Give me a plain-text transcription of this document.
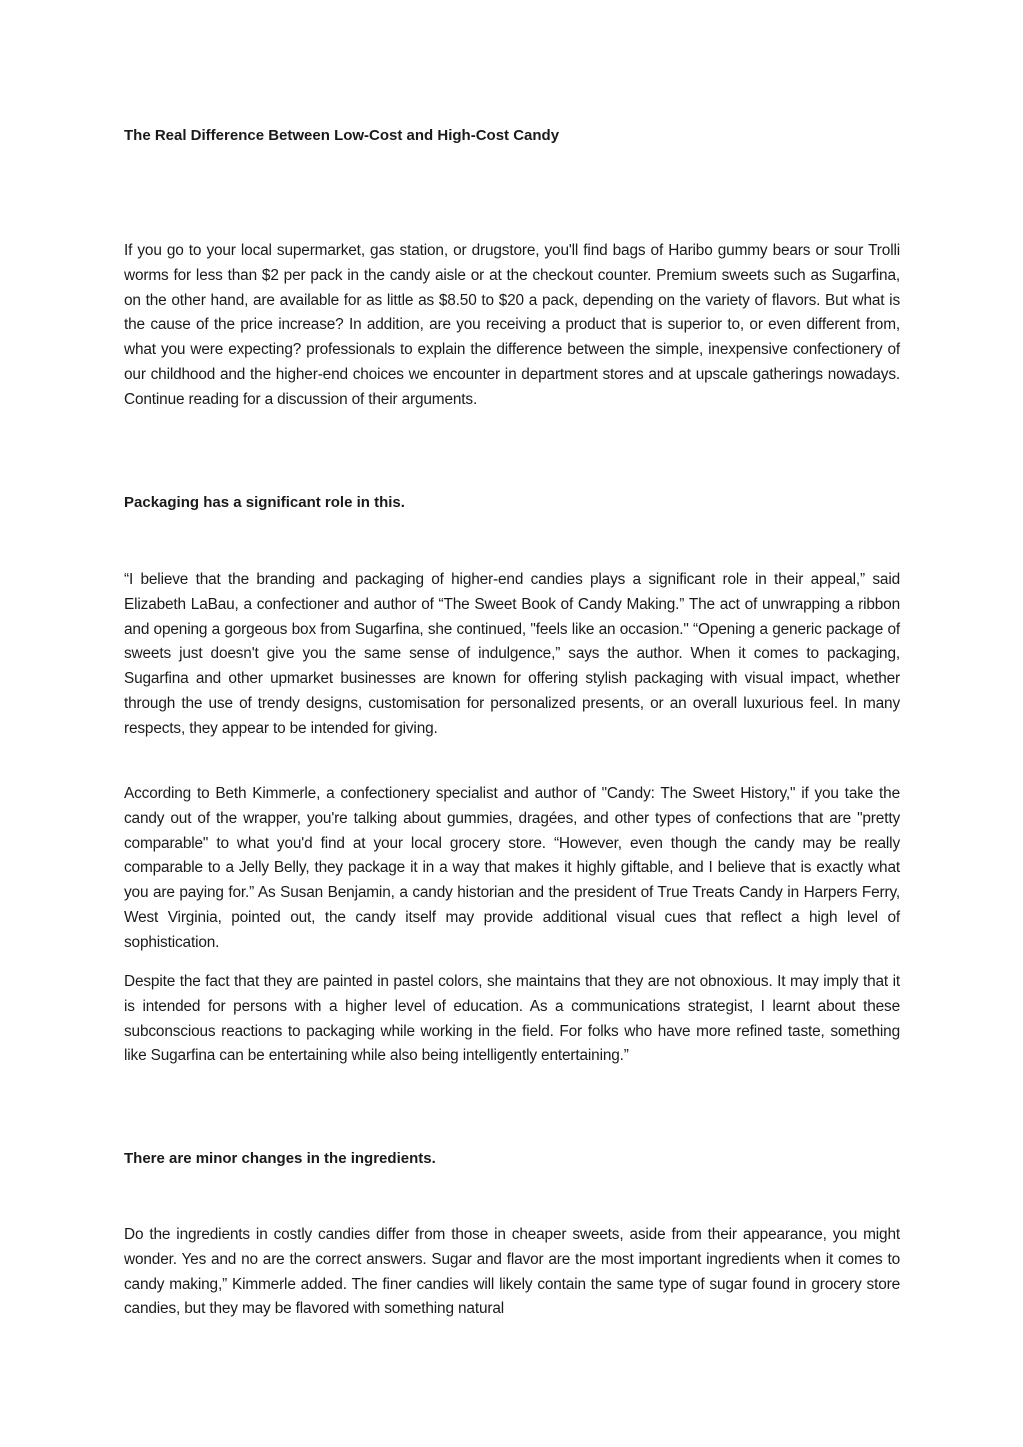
The Real Difference Between Low-Cost and High-Cost Candy

If you go to your local supermarket, gas station, or drugstore, you'll find bags of Haribo gummy bears or sour Trolli worms for less than $2 per pack in the candy aisle or at the checkout counter. Premium sweets such as Sugarfina, on the other hand, are available for as little as $8.50 to $20 a pack, depending on the variety of flavors. But what is the cause of the price increase? In addition, are you receiving a product that is superior to, or even different from, what you were expecting? professionals to explain the difference between the simple, inexpensive confectionery of our childhood and the higher-end choices we encounter in department stores and at upscale gatherings nowadays. Continue reading for a discussion of their arguments.

Packaging has a significant role in this.

“I believe that the branding and packaging of higher-end candies plays a significant role in their appeal,” said Elizabeth LaBau, a confectioner and author of “The Sweet Book of Candy Making.” The act of unwrapping a ribbon and opening a gorgeous box from Sugarfina, she continued, "feels like an occasion." “Opening a generic package of sweets just doesn't give you the same sense of indulgence,” says the author. When it comes to packaging, Sugarfina and other upmarket businesses are known for offering stylish packaging with visual impact, whether through the use of trendy designs, customisation for personalized presents, or an overall luxurious feel. In many respects, they appear to be intended for giving.

According to Beth Kimmerle, a confectionery specialist and author of "Candy: The Sweet History," if you take the candy out of the wrapper, you're talking about gummies, dragées, and other types of confections that are "pretty comparable" to what you'd find at your local grocery store. “However, even though the candy may be really comparable to a Jelly Belly, they package it in a way that makes it highly giftable, and I believe that is exactly what you are paying for.” As Susan Benjamin, a candy historian and the president of True Treats Candy in Harpers Ferry, West Virginia, pointed out, the candy itself may provide additional visual cues that reflect a high level of sophistication.

Despite the fact that they are painted in pastel colors, she maintains that they are not obnoxious. It may imply that it is intended for persons with a higher level of education. As a communications strategist, I learnt about these subconscious reactions to packaging while working in the field. For folks who have more refined taste, something like Sugarfina can be entertaining while also being intelligently entertaining.”

There are minor changes in the ingredients.

Do the ingredients in costly candies differ from those in cheaper sweets, aside from their appearance, you might wonder. Yes and no are the correct answers. Sugar and flavor are the most important ingredients when it comes to candy making,” Kimmerle added. The finer candies will likely contain the same type of sugar found in grocery store candies, but they may be flavored with something natural
